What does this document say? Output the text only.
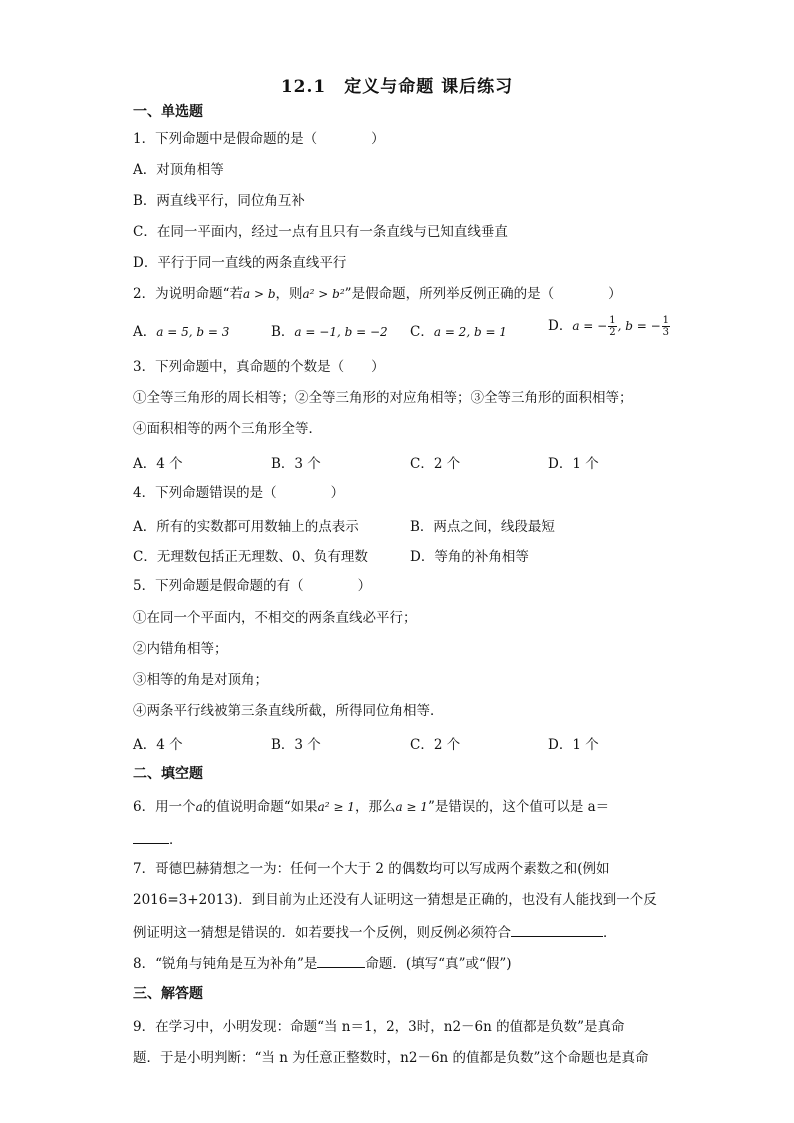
12.1　定义与命题 课后练习
一、单选题
1．下列命题中是假命题的是（　　　　）
A．对顶角相等
B．两直线平行，同位角互补
C．在同一平面内，经过一点有且只有一条直线与已知直线垂直
D．平行于同一直线的两条直线平行
2．为说明命题“若a > b，则a² > b²”是假命题，所列举反例正确的是（　　　　）
A．a = 5, b = 3	B．a = −1, b = −2 C．a = 2, b = 1	D．a = − $\frac{1}{2}$ , b = − $\frac{1}{3}$
3．下列命题中，真命题的个数是（　　）
①全等三角形的周长相等；②全等三角形的对应角相等；③全等三角形的面积相等；
④面积相等的两个三角形全等．
A．4 个	B．3 个	C．2 个	D．1 个
4．下列命题错误的是（　　　　）
A．所有的实数都可用数轴上的点表示	B．两点之间，线段最短
C．无理数包括正无理数、0、负有理数	D．等角的补角相等
5．下列命题是假命题的有（　　　　）
①在同一个平面内，不相交的两条直线必平行；
②内错角相等；
③相等的角是对顶角；
④两条平行线被第三条直线所截，所得同位角相等．
A．4 个	B．3 个	C．2 个	D．1 个
二、填空题
6．用一个a的值说明命题“如果a² ≥ 1，那么a ≥ 1”是错误的，这个值可以是 a＝
．
7．哥德巴赫猜想之一为：任何一个大于 2 的偶数均可以写成两个素数之和(例如
2016=3+2013)．到目前为止还没有人证明这一猜想是正确的，也没有人能找到一个反
例证明这一猜想是错误的．如若要找一个反例，则反例必须符合	．
8．“锐角与钝角是互为补角”是	命题．(填写“真”或“假”)
三、解答题
9．在学习中，小明发现：命题“当 n＝1，2，3时，n2－6n 的值都是负数”是真命
题．于是小明判断：“当 n 为任意正整数时，n2－6n 的值都是负数”这个命题也是真命
